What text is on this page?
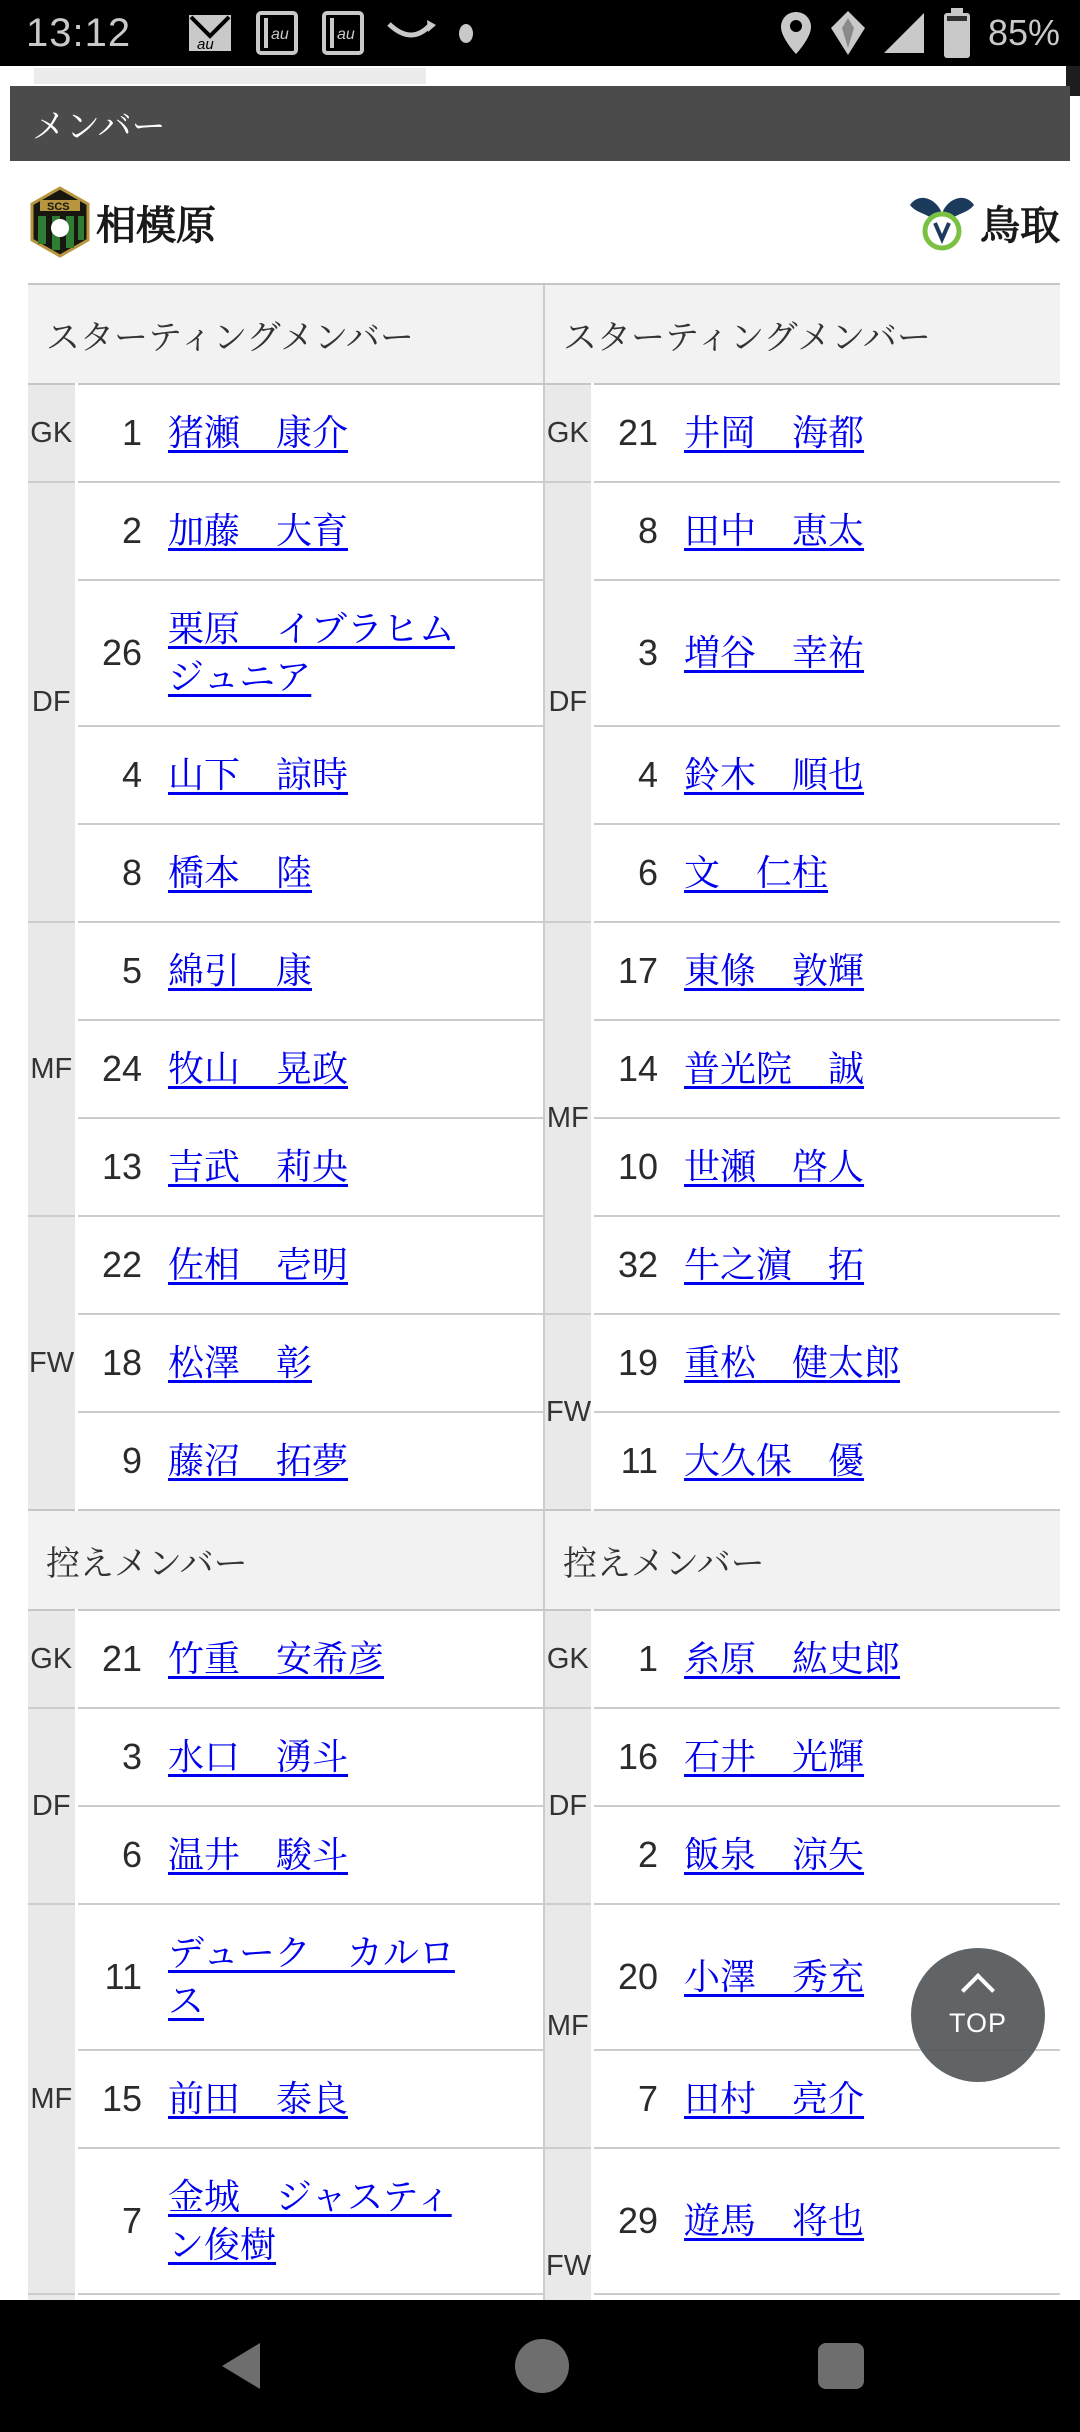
13:12	au
au	au	85%
メンバー
SCS 相模原	鳥取
スターティングメンバー			スターティングメンバー		
GK	1	猪瀬　康介	GK	21	井岡　海都
DF	2	加藤　大育	DF	8	田中　恵太
	26	栗原　イブラヒムジュニア		3	増谷　幸祐
	4	山下　諒時		4	鈴木　順也
	8	橋本　陸		6	文　仁柱
MF	5	綿引　康	MF	17	東條　敦輝
	24	牧山　晃政		14	普光院　誠
	13	吉武　莉央		10	世瀬　啓人
FW	22	佐相　壱明		32	牛之濵　拓
	18	松澤　彰	FW	19	重松　健太郎
	9	藤沼　拓夢		11	大久保　優
控えメンバー			控えメンバー		
GK	21	竹重　安希彦	GK	1	糸原　紘史郎
DF	3	水口　湧斗	DF	16	石井　光輝
	6	温井　駿斗		2	飯泉　涼矢
MF	11	デューク　カルロス	MF	20	小澤　秀充
	15	前田　泰良		7	田村　亮介
	7	金城　ジャスティン俊樹	FW	29	遊馬　将也

TOP
